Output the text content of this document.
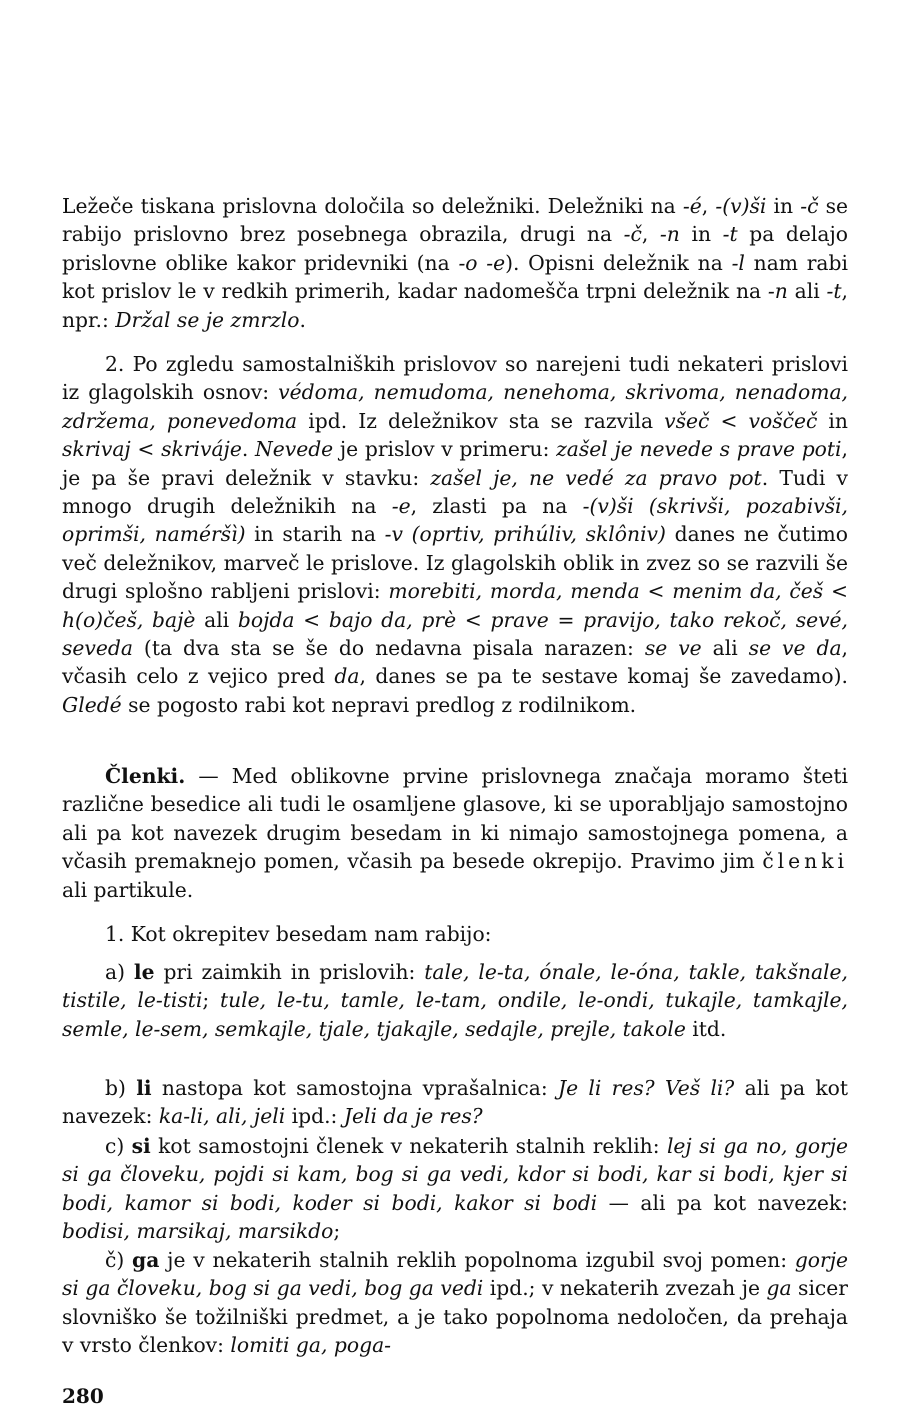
Ležeče tiskana prislovna določila so deležniki. Deležniki na -é, -(v)ši in -č se rabijo prislovno brez posebnega obrazila, drugi na -č, -n in -t pa delajo prislovne oblike kakor pridevniki (na -o -e). Opisni deležnik na -l nam rabi kot prislov le v redkih primerih, kadar nadomešča trpni deležnik na -n ali -t, npr.: Držal se je zmrzlo.

2. Po zgledu samostalniških prislovov so narejeni tudi nekateri prislovi iz glagolskih osnov: védoma, nemudoma, nenehoma, skrivoma, nenadoma, zdržema, ponevedoma ipd. Iz deležnikov sta se razvila všeč < voščeč in skrivaj < skriváje. Nevede je prislov v primeru: zašel je nevede s prave poti, je pa še pravi deležnik v stavku: zašel je, ne vedé za pravo pot. Tudi v mnogo drugih deležnikih na -e, zlasti pa na -(v)ši (skrivši, pozabivši, oprimši, naméršì) in starih na -v (oprtiv, prihúliv, sklôniv) danes ne čutimo več deležnikov, marveč le prislove. Iz glagolskih oblik in zvez so se razvili še drugi splošno rabljeni prislovi: morebiti, morda, menda < menim da, češ < h(o)češ, bajè ali bojda < bajo da, prè < prave = pravijo, tako rekoč, sevé, seveda (ta dva sta se še do nedavna pisala narazen: se ve ali se ve da, včasih celo z vejico pred da, danes se pa te sestave komaj še zavedamo). Gledé se pogosto rabi kot nepravi predlog z rodilnikom.

Členki. — Med oblikovne prvine prislovnega značaja moramo šteti različne besedice ali tudi le osamljene glasove, ki se uporabljajo samostojno ali pa kot navezek drugim besedam in ki nimajo samostojnega pomena, a včasih premaknejo pomen, včasih pa besede okrepijo. Pravimo jim členki ali partikule.

1. Kot okrepitev besedam nam rabijo:

a) le pri zaimkih in prislovih: tale, le-ta, ónale, le-óna, takle, takšnale, tistile, le-tisti; tule, le-tu, tamle, le-tam, ondile, le-ondi, tukajle, tamkajle, semle, le-sem, semkajle, tjale, tjakajle, sedajle, prejle, takole itd.

b) li nastopa kot samostojna vprašalnica: Je li res? Veš li? ali pa kot navezek: ka-li, ali, jeli ipd.: Jeli da je res?

c) si kot samostojni členek v nekaterih stalnih reklih: lej si ga no, gorje si ga človeku, pojdi si kam, bog si ga vedi, kdor si bodi, kar si bodi, kjer si bodi, kamor si bodi, koder si bodi, kakor si bodi — ali pa kot navezek: bodisi, marsikaj, marsikdo;

č) ga je v nekaterih stalnih reklih popolnoma izgubil svoj pomen: gorje si ga človeku, bog si ga vedi, bog ga vedi ipd.; v nekaterih zvezah je ga sicer slovniško še tožilniški predmet, a je tako popolnoma nedoločen, da prehaja v vrsto členkov: lomiti ga, poga-

280
